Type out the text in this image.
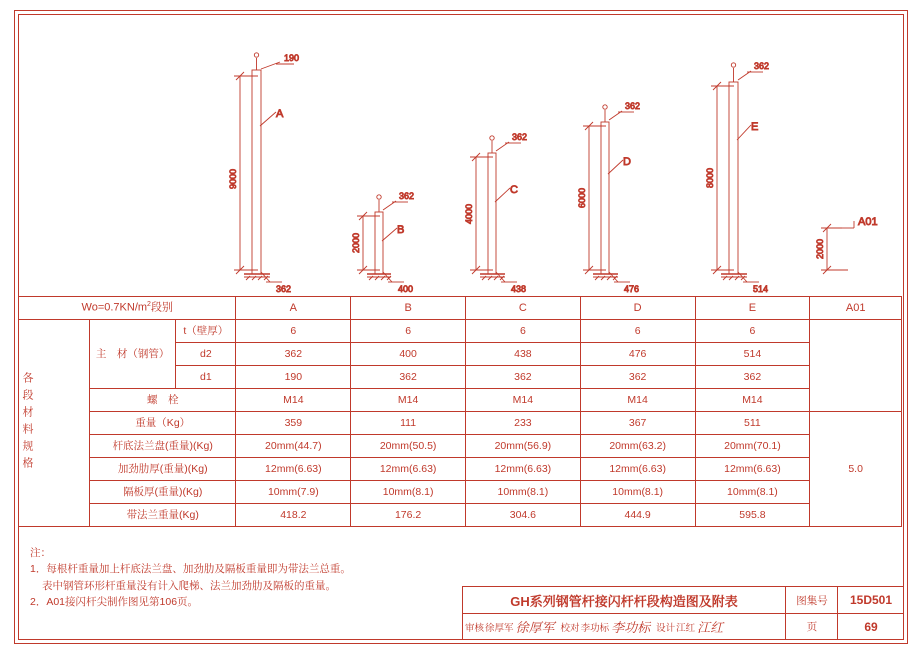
190
362
9000
A
362
400
2000
B
362
438
4000
C
362
476
6000
D
362
514
8000
E
2000
A01
$Wo=0.7KN/m^2$段别			A	B	C	D	E	A01

各段材料规格	主　材（钢管）	t（壁厚）	6	6	6	6	6	
		d2	362	400	438	476	514	
		d1	190	362	362	362	362	
	螺　栓		M14	M14	M14	M14	M14	
	重量（Kg）		359	111	233	367	511	5.0
	杆底法兰盘(重量)(Kg)		20mm(44.7)	20mm(50.5)	20mm(56.9)	20mm(63.2)	20mm(70.1)	
	加劲肋厚(重量)(Kg)		12mm(6.63)	12mm(6.63)	12mm(6.63)	12mm(6.63)	12mm(6.63)	
	隔板厚(重量)(Kg)		10mm(7.9)	10mm(8.1)	10mm(8.1)	10mm(8.1)	10mm(8.1)	
	带法兰重量(Kg)		418.2	176.2	304.6	444.9	595.8	

注：

1．每根杆重量加上杆底法兰盘、加劲肋及隔板重量即为带法兰总重。

表中钢管环形杆重量没有计入爬梯、法兰加劲肋及隔板的重量。

2．A01接闪杆尖制作图见第106页。	GH系列钢管杆接闪杆杆段构造图及附表	图集号	15D501
审核 徐厚军 徐厚军 校对 李功标 李功标 设计 江红 江红	页	69
